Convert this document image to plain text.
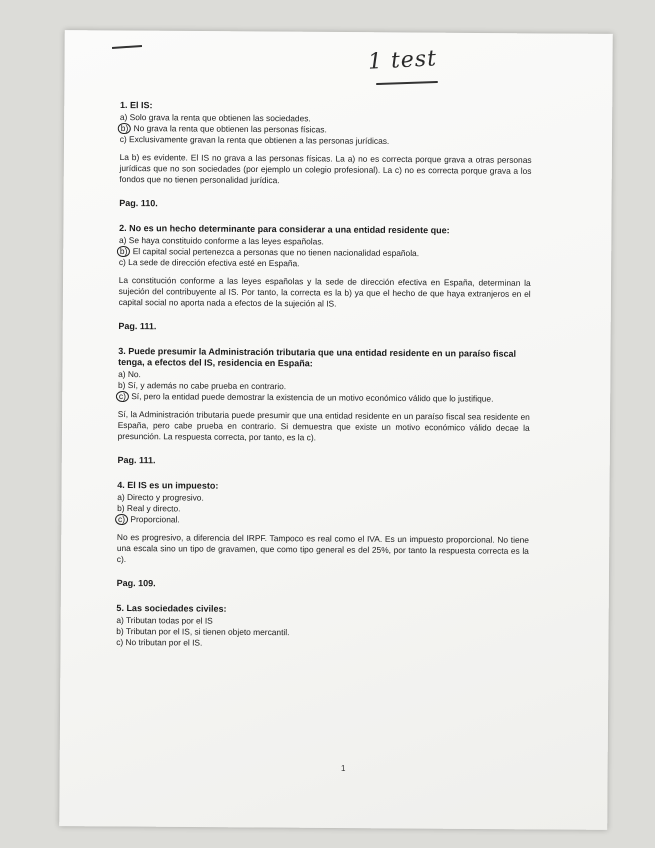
1 test
1. El IS:
a) Solo grava la renta que obtienen las sociedades.
b) No grava la renta que obtienen las personas físicas.
c) Exclusivamente gravan la renta que obtienen a las personas jurídicas.
La b) es evidente. El IS no grava a las personas físicas. La a) no es correcta porque grava a otras personas jurídicas que no son sociedades (por ejemplo un colegio profesional). La c) no es correcta porque grava a los fondos que no tienen personalidad jurídica.
Pag. 110.
2. No es un hecho determinante para considerar a una entidad residente que:
a) Se haya constituido conforme a las leyes españolas.
b) El capital social pertenezca a personas que no tienen nacionalidad española.
c) La sede de dirección efectiva esté en España.
La constitución conforme a las leyes españolas y la sede de dirección efectiva en España, determinan la sujeción del contribuyente al IS. Por tanto, la correcta es la b) ya que el hecho de que haya extranjeros en el capital social no aporta nada a efectos de la sujeción al IS.
Pag. 111.
3. Puede presumir la Administración tributaria que una entidad residente en un paraíso fiscal tenga, a efectos del IS, residencia en España:
a) No.
b) Sí, y además no cabe prueba en contrario.
c) Sí, pero la entidad puede demostrar la existencia de un motivo económico válido que lo justifique.
Sí, la Administración tributaria puede presumir que una entidad residente en un paraíso fiscal sea residente en España, pero cabe prueba en contrario. Si demuestra que existe un motivo económico válido decae la presunción. La respuesta correcta, por tanto, es la c).
Pag. 111.
4. El IS es un impuesto:
a) Directo y progresivo.
b) Real y directo.
c) Proporcional.
No es progresivo, a diferencia del IRPF. Tampoco es real como el IVA. Es un impuesto proporcional. No tiene una escala sino un tipo de gravamen, que como tipo general es del 25%, por tanto la respuesta correcta es la c).
Pag. 109.
5. Las sociedades civiles:
a) Tributan todas por el IS
b) Tributan por el IS, si tienen objeto mercantil.
c) No tributan por el IS.
1
